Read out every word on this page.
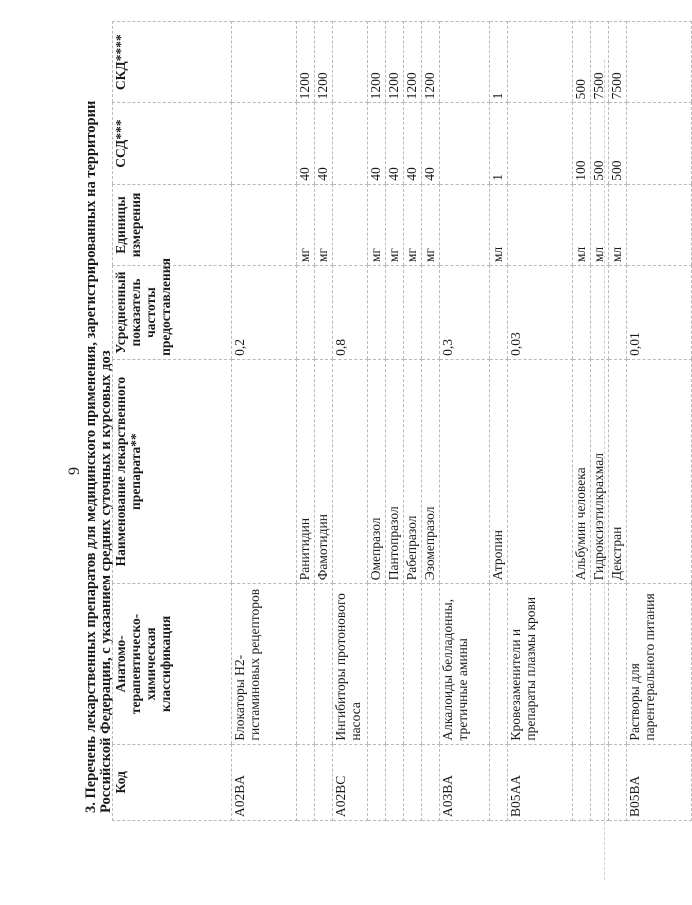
9 3. Перечень лекарственных препаратов для медицинского применения, зарегистрированных на территории Российской Федерации, с указанием средних суточных и курсовых доз Код	Анатомо-терапевтическо-химическая классификация	Наименование лекарственного препарата**	Усредненный показатель частоты предоставления	Единицы измерения	ССД***	СКД****
A02BA	Блокаторы Н2-гистаминовых рецепторов		0,2			
		Ранитидин		мг	40	1200
		Фамотидин		мг	40	1200
A02BC	Ингибиторы протонового насоса		0,8			
		Омепразол		мг	40	1200
		Пантопразол		мг	40	1200
		Рабепразол		мг	40	1200
		Эзомепразол		мг	40	1200
A03BA	Алкалоиды белладонны, третичные амины		0,3			
		Атропин		мл	1	1
B05AA	Кровезаменители и препараты плазмы крови		0,03			
		Альбумин человека		мл	100	500
		Гидроксиэтилкрахмал		мл	500	7500
		Декстран		мл	500	7500
B05BA	Растворы для парентерального питания		0,01			
